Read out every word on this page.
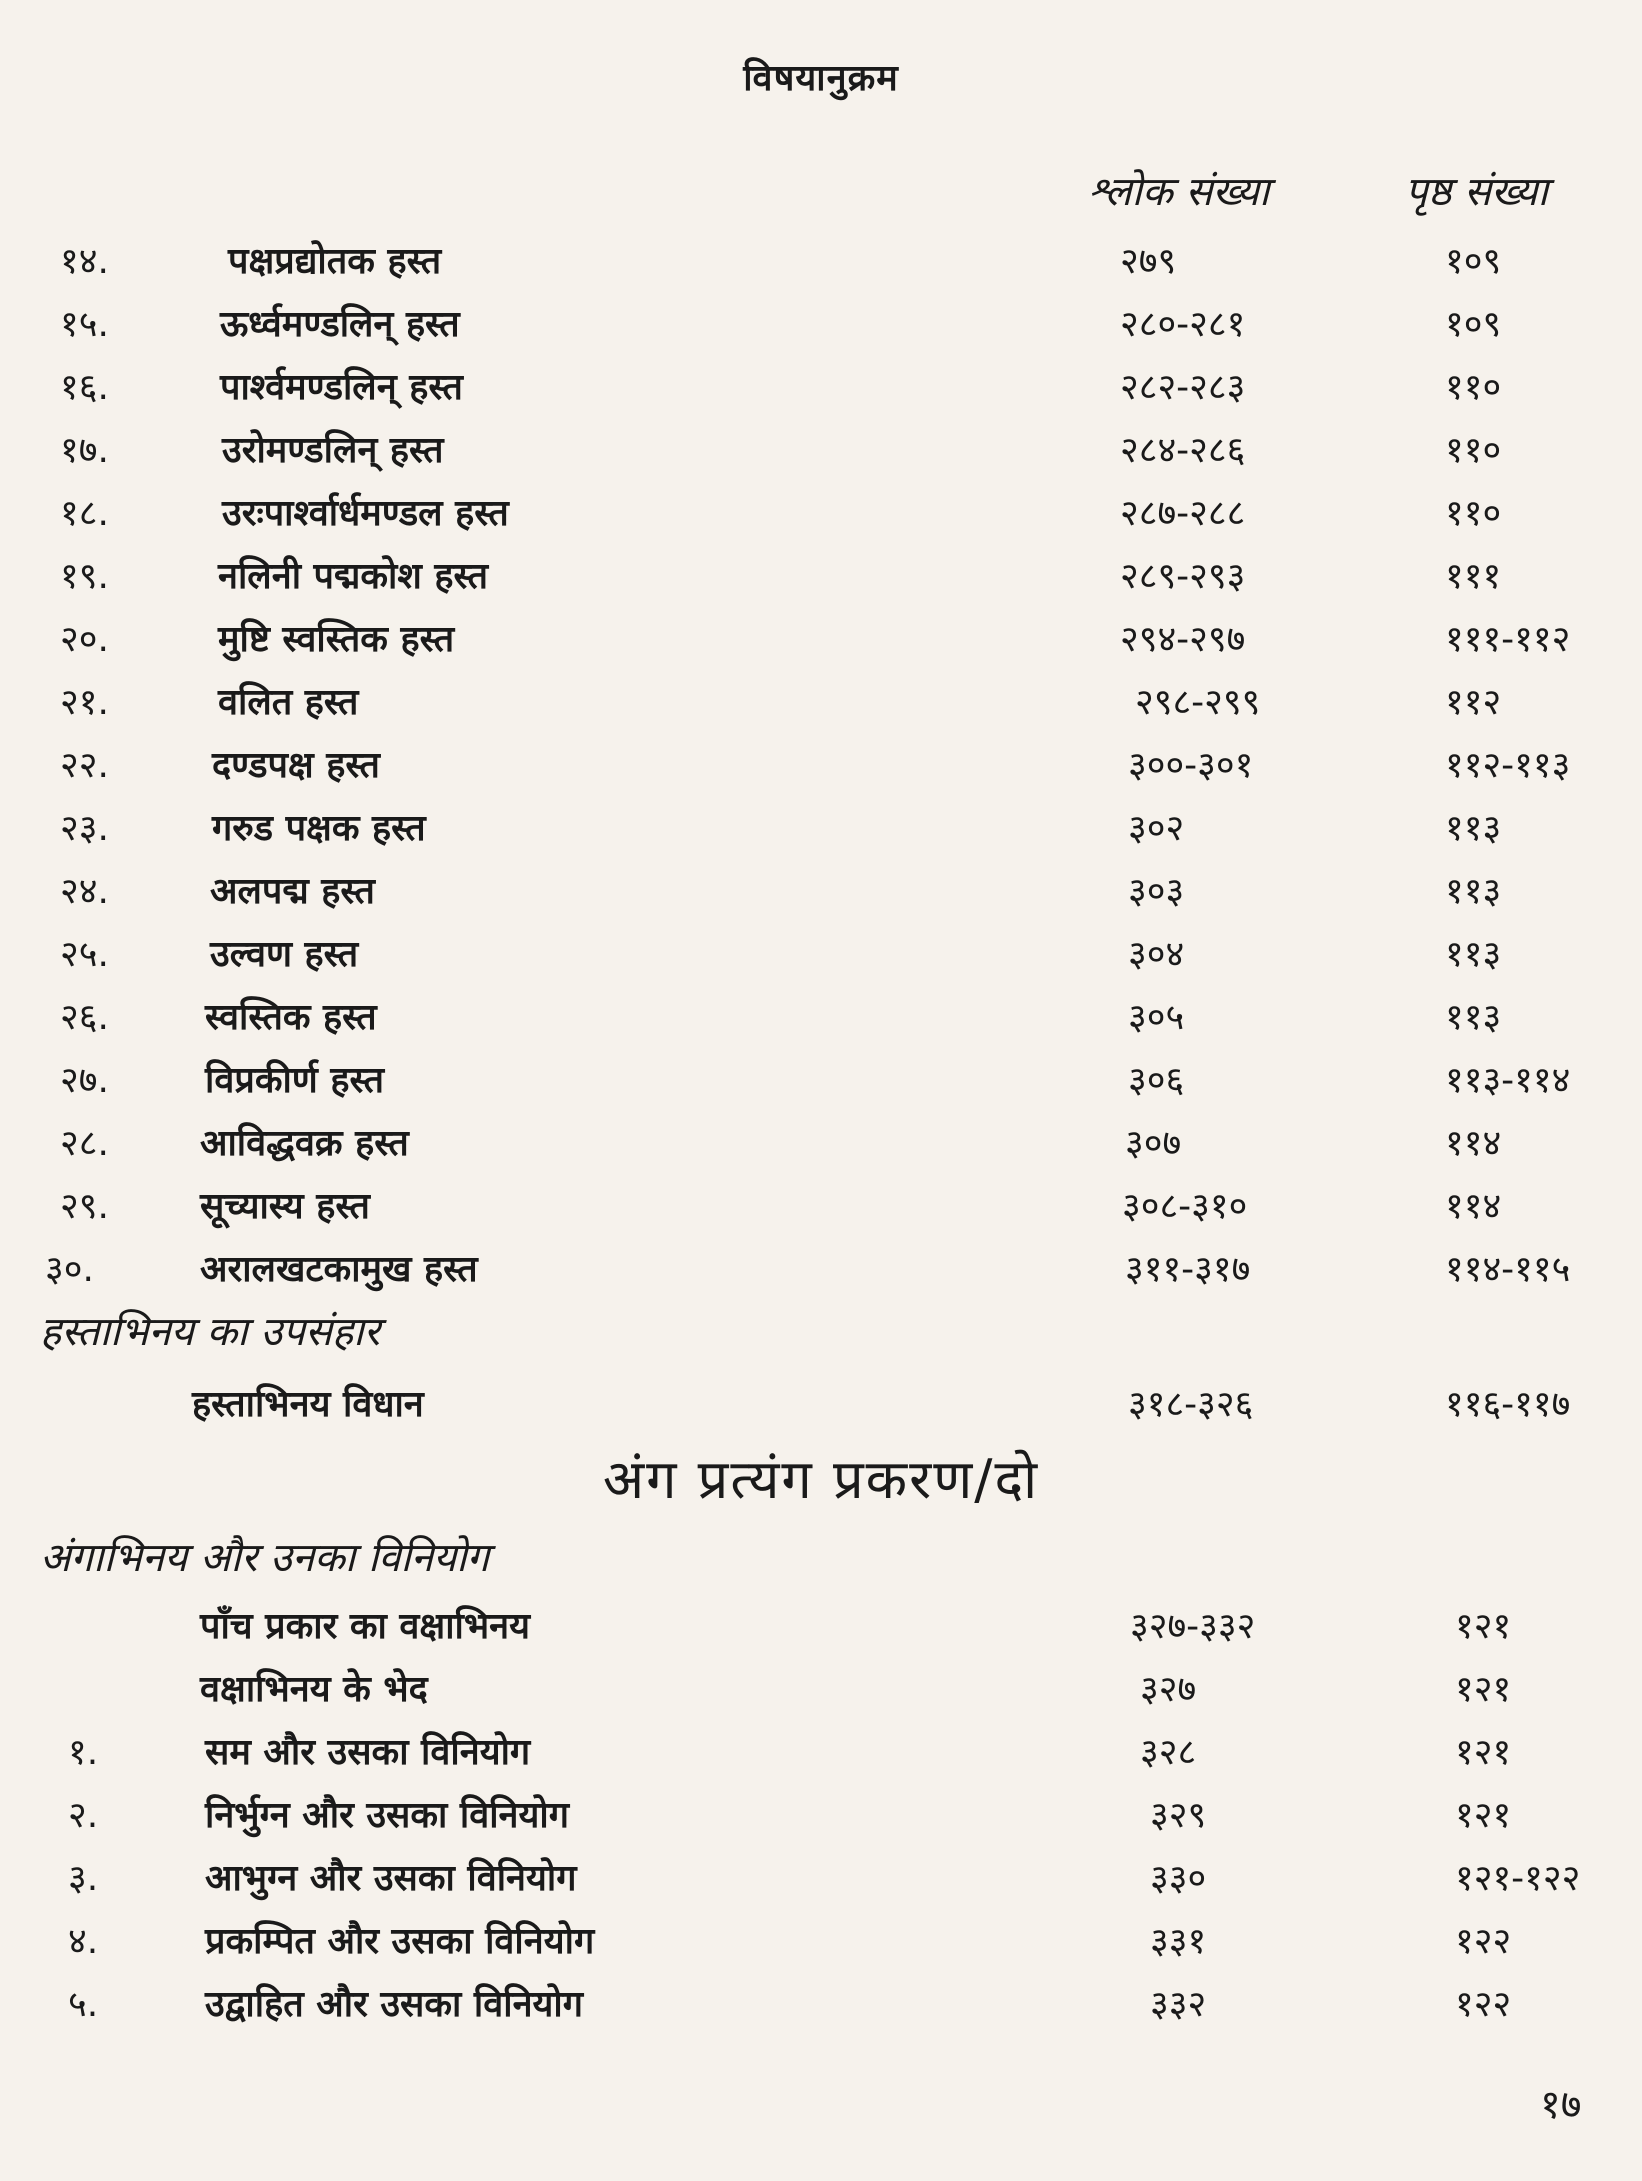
विषयानुक्रम
श्लोक संख्या	पृष्ठ संख्या
१४.	पक्षप्रद्योतक हस्त	२७९	१०९
१५.	ऊर्ध्वमण्डलिन् हस्त	२८०-२८१	१०९
१६.	पार्श्वमण्डलिन् हस्त	२८२-२८३	११०
१७.	उरोमण्डलिन् हस्त	२८४-२८६	११०
१८.	उरःपार्श्वार्धमण्डल हस्त	२८७-२८८	११०
१९.	नलिनी पद्मकोश हस्त	२८९-२९३	१११
२०.	मुष्टि स्वस्तिक हस्त	२९४-२९७	१११-११२
२१.	वलित हस्त	२९८-२९९	११२
२२.	दण्डपक्ष हस्त	३००-३०१	११२-११३
२३.	गरुड पक्षक हस्त	३०२	११३
२४.	अलपद्म हस्त	३०३	११३
२५.	उल्वण हस्त	३०४	११३
२६.	स्वस्तिक हस्त	३०५	११३
२७.	विप्रकीर्ण हस्त	३०६	११३-११४
२८.	आविद्धवक्र हस्त	३०७	११४
२९.	सूच्यास्य हस्त	३०८-३१०	११४
३०.	अरालखटकामुख हस्त	३११-३१७	११४-११५
हस्ताभिनय का उपसंहार
हस्ताभिनय विधान	३१८-३२६	११६-११७
अंग प्रत्यंग प्रकरण/दो
अंगाभिनय और उनका विनियोग
पाँच प्रकार का वक्षाभिनय	३२७-३३२	१२१
वक्षाभिनय के भेद	३२७	१२१
१.	सम और उसका विनियोग	३२८	१२१
२.	निर्भुग्न और उसका विनियोग	३२९	१२१
३.	आभुग्न और उसका विनियोग	३३०	१२१-१२२
४.	प्रकम्पित और उसका विनियोग	३३१	१२२
५.	उद्वाहित और उसका विनियोग	३३२	१२२
१७
